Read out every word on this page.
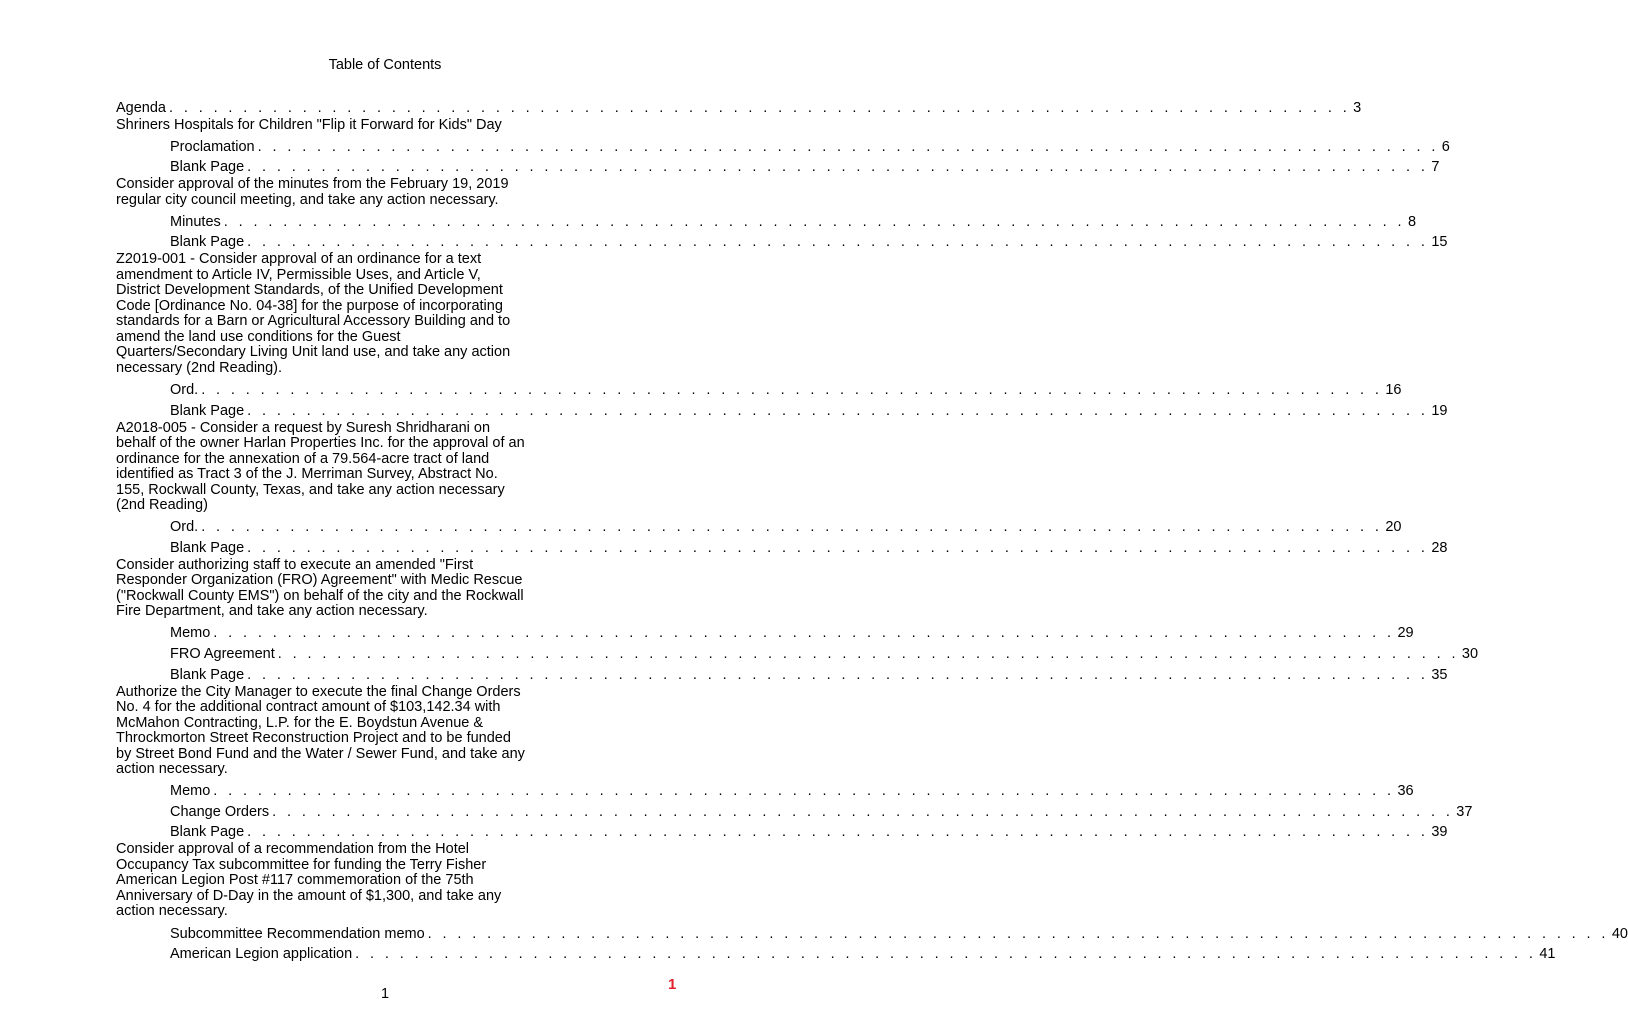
Table of Contents
Agenda . . . . . . . . . . . . . . . . . . . . . . . . . . . . . . . . . . . . . . . . . . . . . . . . . . . . . . . . . . . . . . . . . . . . . . . . . . . . . . . . 3
Shriners Hospitals for Children "Flip it Forward for Kids" Day
Proclamation . . . . . . . . . . . . . . . . . . . . . . . . . . . . . . . . . . . . . . . . . . . . . . . . . . . . . . . . . . . . . . . . . . . . . . . . . . . . . . . . 6
Blank Page . . . . . . . . . . . . . . . . . . . . . . . . . . . . . . . . . . . . . . . . . . . . . . . . . . . . . . . . . . . . . . . . . . . . . . . . . . . . . . . . 7
Consider approval of the minutes from the February 19, 2019
regular city council meeting, and take any action necessary.
Minutes . . . . . . . . . . . . . . . . . . . . . . . . . . . . . . . . . . . . . . . . . . . . . . . . . . . . . . . . . . . . . . . . . . . . . . . . . . . . . . . . 8
Blank Page . . . . . . . . . . . . . . . . . . . . . . . . . . . . . . . . . . . . . . . . . . . . . . . . . . . . . . . . . . . . . . . . . . . . . . . . . . . . . . . . 15
Z2019-001 - Consider approval of an ordinance for a text
amendment to Article IV, Permissible Uses, and Article V,
District Development Standards, of the Unified Development
Code [Ordinance No. 04-38] for the purpose of incorporating
standards for a Barn or Agricultural Accessory Building and to
amend the land use conditions for the Guest
Quarters/Secondary Living Unit land use, and take any action
necessary (2nd Reading).
Ord. . . . . . . . . . . . . . . . . . . . . . . . . . . . . . . . . . . . . . . . . . . . . . . . . . . . . . . . . . . . . . . . . . . . . . . . . . . . . . . . . 16
Blank Page . . . . . . . . . . . . . . . . . . . . . . . . . . . . . . . . . . . . . . . . . . . . . . . . . . . . . . . . . . . . . . . . . . . . . . . . . . . . . . . . 19
A2018-005 - Consider a request by Suresh Shridharani on
behalf of the owner Harlan Properties Inc. for the approval of an
ordinance for the annexation of a 79.564-acre tract of land
identified as Tract 3 of the J. Merriman Survey, Abstract No.
155, Rockwall County, Texas, and take any action necessary
(2nd Reading)
Ord. . . . . . . . . . . . . . . . . . . . . . . . . . . . . . . . . . . . . . . . . . . . . . . . . . . . . . . . . . . . . . . . . . . . . . . . . . . . . . . . . 20
Blank Page . . . . . . . . . . . . . . . . . . . . . . . . . . . . . . . . . . . . . . . . . . . . . . . . . . . . . . . . . . . . . . . . . . . . . . . . . . . . . . . . 28
Consider authorizing staff to execute an amended "First
Responder Organization (FRO) Agreement" with Medic Rescue
("Rockwall County EMS") on behalf of the city and the Rockwall
Fire Department, and take any action necessary.
Memo . . . . . . . . . . . . . . . . . . . . . . . . . . . . . . . . . . . . . . . . . . . . . . . . . . . . . . . . . . . . . . . . . . . . . . . . . . . . . . . . 29
FRO Agreement . . . . . . . . . . . . . . . . . . . . . . . . . . . . . . . . . . . . . . . . . . . . . . . . . . . . . . . . . . . . . . . . . . . . . . . . . . . . . . . . 30
Blank Page . . . . . . . . . . . . . . . . . . . . . . . . . . . . . . . . . . . . . . . . . . . . . . . . . . . . . . . . . . . . . . . . . . . . . . . . . . . . . . . . 35
Authorize the City Manager to execute the final Change Orders
No. 4 for the additional contract amount of $103,142.34 with
McMahon Contracting, L.P. for the E. Boydstun Avenue &
Throckmorton Street Reconstruction Project and to be funded
by Street Bond Fund and the Water / Sewer Fund, and take any
action necessary.
Memo . . . . . . . . . . . . . . . . . . . . . . . . . . . . . . . . . . . . . . . . . . . . . . . . . . . . . . . . . . . . . . . . . . . . . . . . . . . . . . . . 36
Change Orders . . . . . . . . . . . . . . . . . . . . . . . . . . . . . . . . . . . . . . . . . . . . . . . . . . . . . . . . . . . . . . . . . . . . . . . . . . . . . . . . 37
Blank Page . . . . . . . . . . . . . . . . . . . . . . . . . . . . . . . . . . . . . . . . . . . . . . . . . . . . . . . . . . . . . . . . . . . . . . . . . . . . . . . . 39
Consider approval of a recommendation from the Hotel
Occupancy Tax subcommittee for funding the Terry Fisher
American Legion Post #117 commemoration of the 75th
Anniversary of D-Day in the amount of $1,300, and take any
action necessary.
Subcommittee Recommendation memo . . . . . . . . . . . . . . . . . . . . . . . . . . . . . . . . . . . . . . . . . . . . . . . . . . . . . . . . . . . . . . . . . . . . . . . . . . . . . . . . 40
American Legion application . . . . . . . . . . . . . . . . . . . . . . . . . . . . . . . . . . . . . . . . . . . . . . . . . . . . . . . . . . . . . . . . . . . . . . . . . . . . . . . . 41
1
1
